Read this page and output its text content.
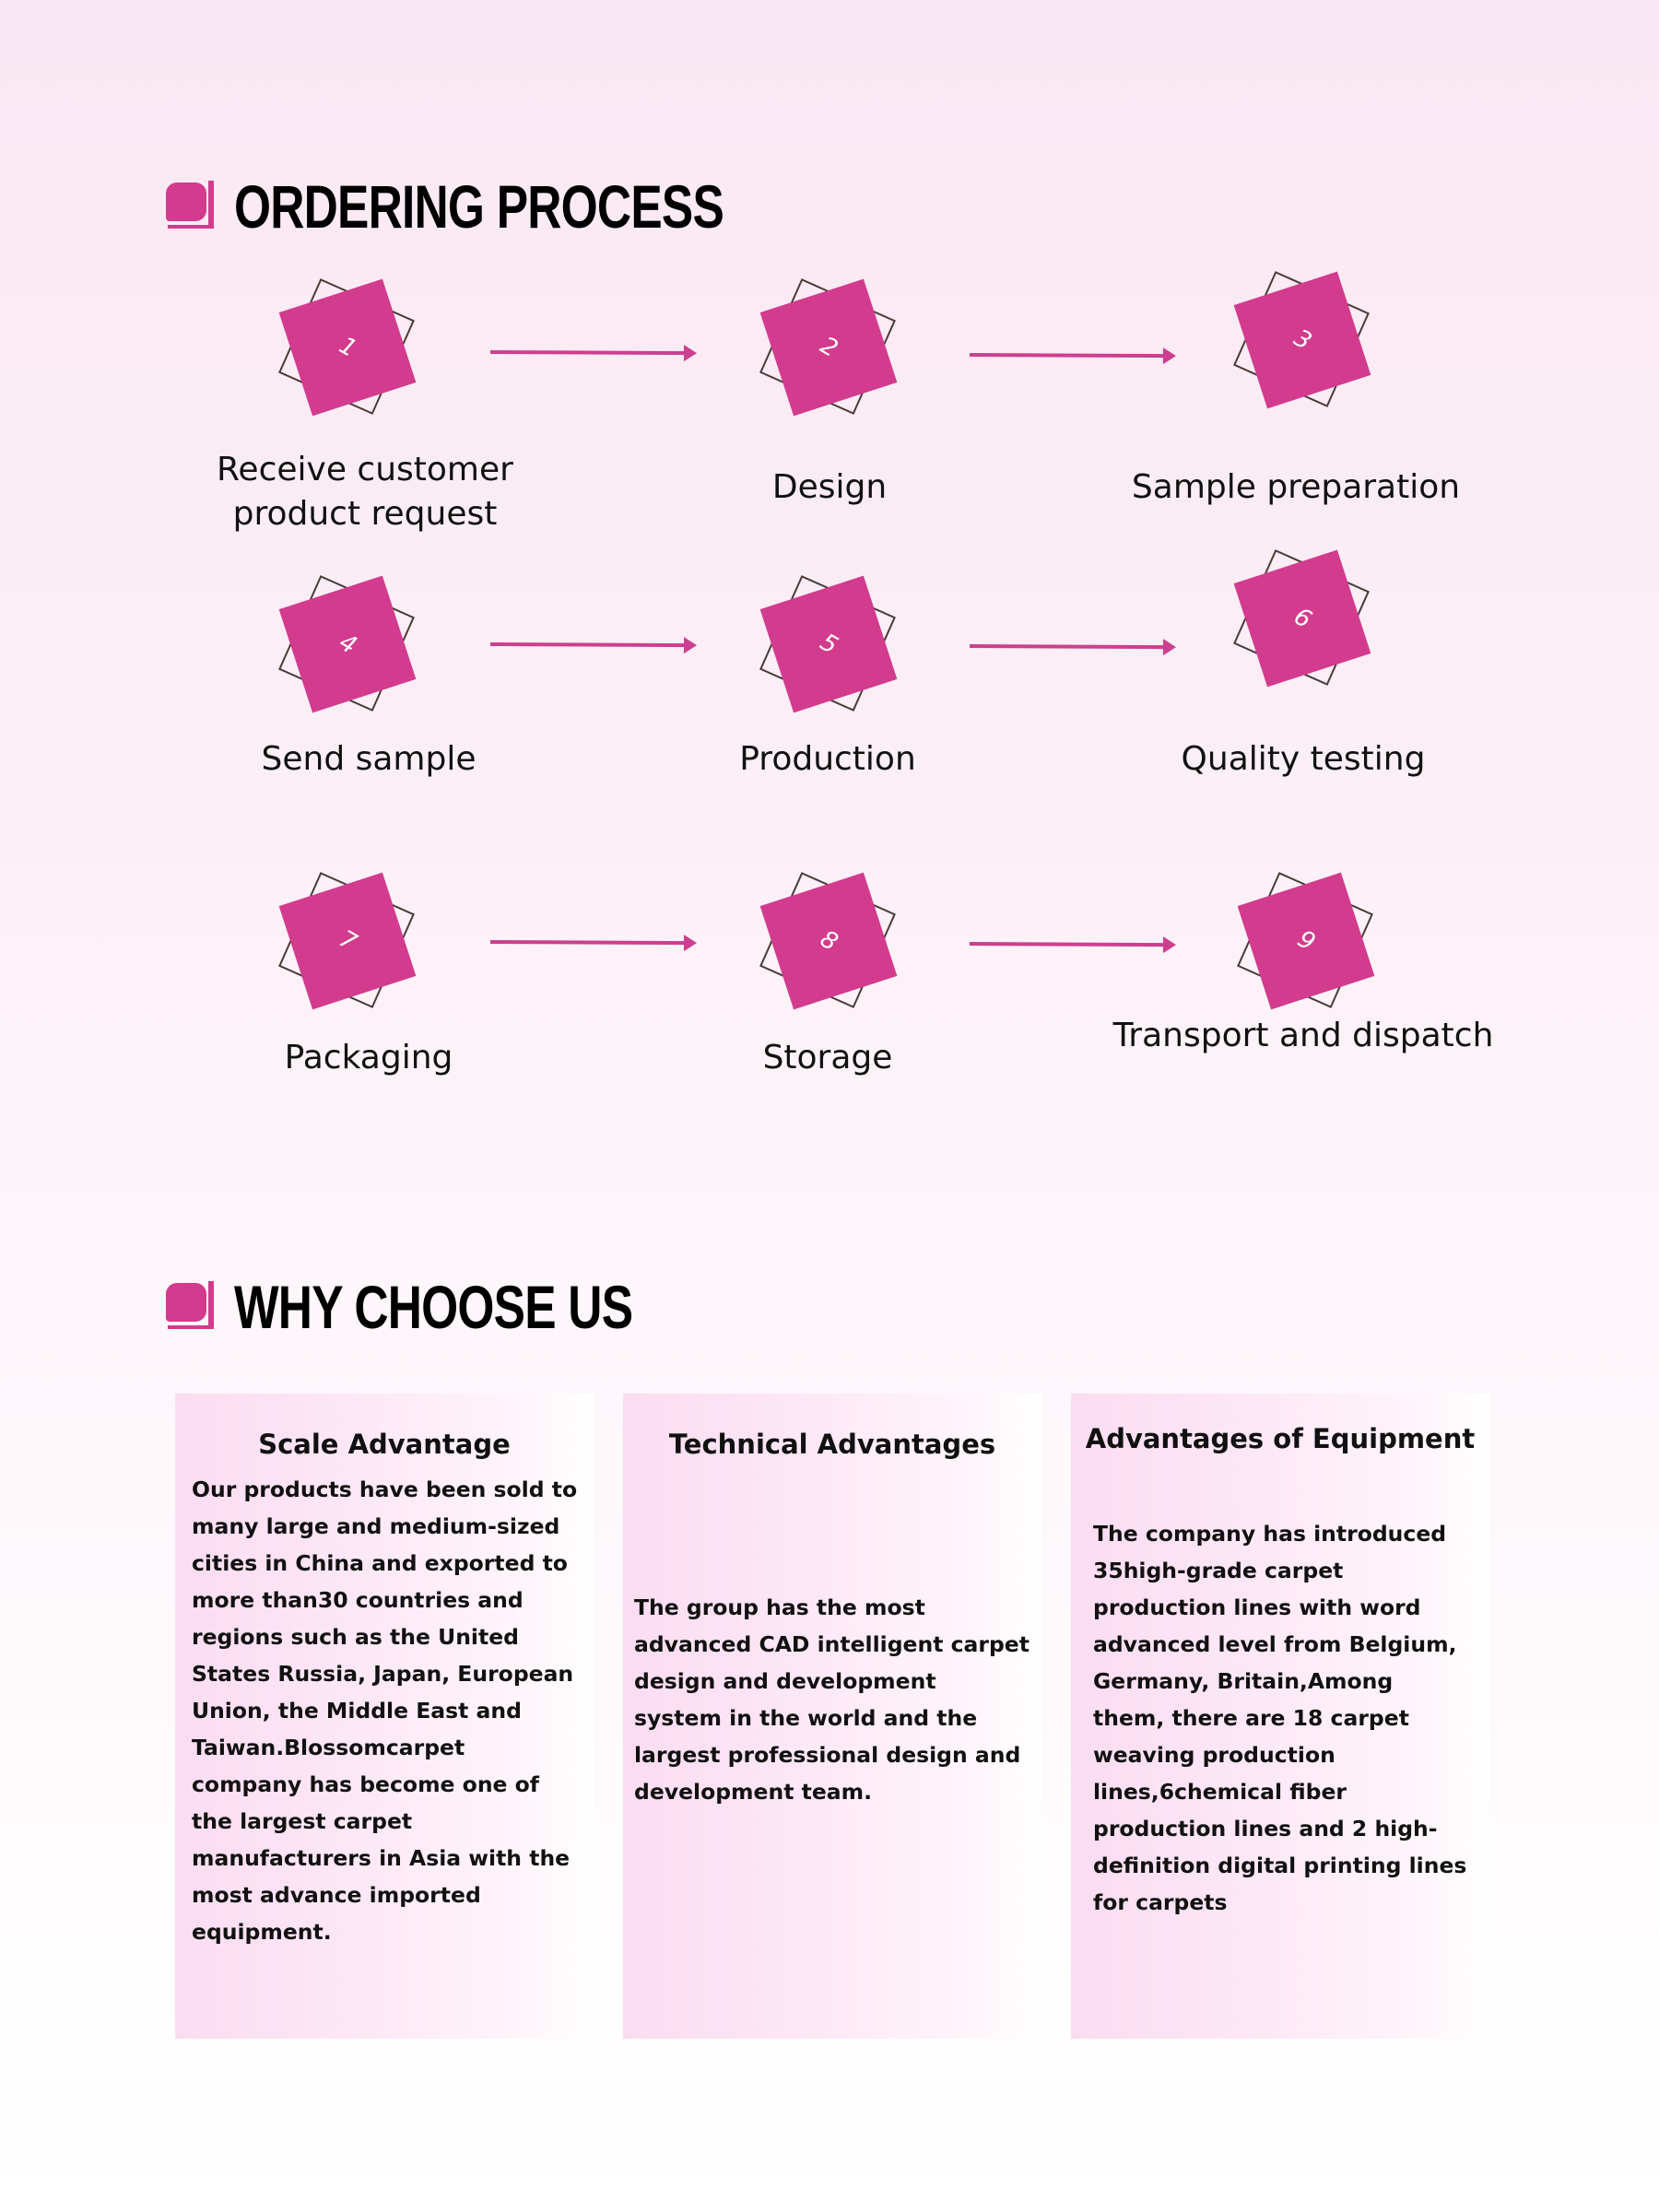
ORDERING PROCESS
1	2	3
Receive customer product request
Design	Sample preparation
4	5
6
Send sample	Production	Quality testing
7	8	9
Packaging	Storage
Transport and dispatch
WHY CHOOSE US
Scale Advantage

Our products have been sold to many large and medium-sized cities in China and exported to more than30 countries and regions such as the United States Russia, Japan, European Union, the Middle East and Taiwan.Blossomcarpet company has become one of the largest carpet manufacturers in Asia with the most advance imported equipment.

Technical Advantages

The group has the most advanced CAD intelligent carpet design and development system in the world and the largest professional design and development team.

Advantages of Equipment

The company has introduced 35high-grade carpet production lines with word advanced level from Belgium, Germany, Britain,Among them, there are 18 carpet weaving production lines,6chemical fiber production lines and 2 high-definition digital printing lines for carpets
